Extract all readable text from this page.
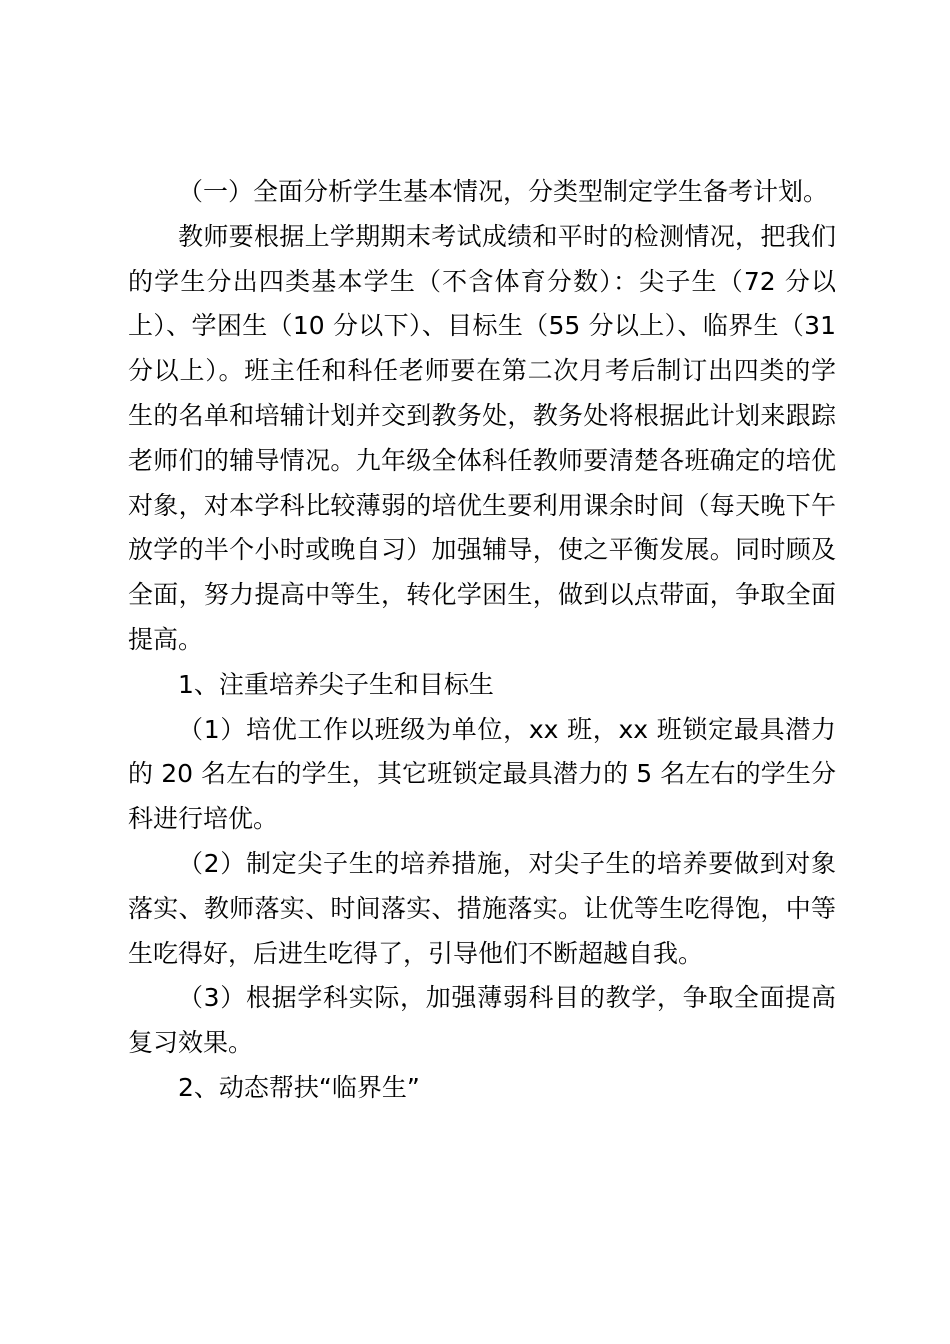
（一）全面分析学生基本情况，分类型制定学生备考计划。

教师要根据上学期期末考试成绩和平时的检测情况，把我们的学生分出四类基本学生（不含体育分数）：尖子生（72 分以上）、学困生（10 分以下）、目标生（55 分以上）、临界生（31 分以上）。班主任和科任老师要在第二次月考后制订出四类的学生的名单和培辅计划并交到教务处，教务处将根据此计划来跟踪老师们的辅导情况。九年级全体科任教师要清楚各班确定的培优对象，对本学科比较薄弱的培优生要利用课余时间（每天晚下午放学的半个小时或晚自习）加强辅导，使之平衡发展。同时顾及全面，努力提高中等生，转化学困生，做到以点带面，争取全面提高。

1、注重培养尖子生和目标生

（1）培优工作以班级为单位，xx 班，xx 班锁定最具潜力的 20 名左右的学生，其它班锁定最具潜力的 5 名左右的学生分科进行培优。

（2）制定尖子生的培养措施，对尖子生的培养要做到对象落实、教师落实、时间落实、措施落实。让优等生吃得饱，中等生吃得好，后进生吃得了，引导他们不断超越自我。

（3）根据学科实际，加强薄弱科目的教学，争取全面提高复习效果。

2、动态帮扶“临界生”
